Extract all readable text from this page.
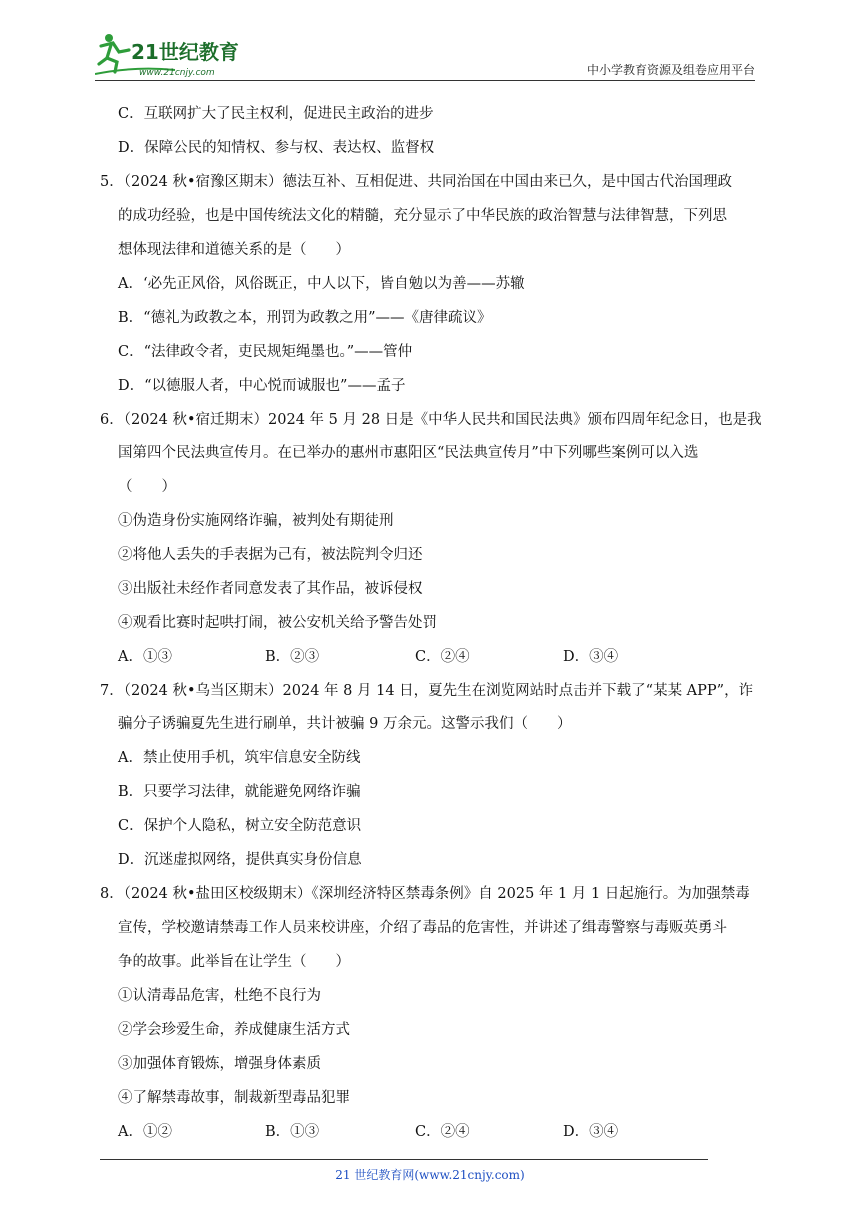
21世纪教育
www.21cnjy.com	中小学教育资源及组卷应用平台
C．互联网扩大了民主权利，促进民主政治的进步
D．保障公民的知情权、参与权、表达权、监督权
5．（2024 秋•宿豫区期末）德法互补、互相促进、共同治国在中国由来已久，是中国古代治国理政
的成功经验，也是中国传统法文化的精髓，充分显示了中华民族的政治智慧与法律智慧，下列思
想体现法律和道德关系的是（　　）
A．‘必先正风俗，风俗既正，中人以下，皆自勉以为善——苏辙
B．“德礼为政教之本，刑罚为政教之用”——《唐律疏议》
C．“法律政令者，吏民规矩绳墨也。”——管仲
D．“以德服人者，中心悦而诚服也”——孟子
6．（2024 秋•宿迁期末）2024 年 5 月 28 日是《中华人民共和国民法典》颁布四周年纪念日，也是我
国第四个民法典宣传月。在已举办的惠州市惠阳区“民法典宣传月”中下列哪些案例可以入选
（　　）
①伪造身份实施网络诈骗，被判处有期徒刑
②将他人丢失的手表据为己有，被法院判令归还
③出版社未经作者同意发表了其作品，被诉侵权
④观看比赛时起哄打闹，被公安机关给予警告处罚
A．①③	B．②③	C．②④	D．③④
7．（2024 秋•乌当区期末）2024 年 8 月 14 日，夏先生在浏览网站时点击并下载了“某某 APP”，诈
骗分子诱骗夏先生进行刷单，共计被骗 9 万余元。这警示我们（　　）
A．禁止使用手机，筑牢信息安全防线
B．只要学习法律，就能避免网络诈骗
C．保护个人隐私，树立安全防范意识
D．沉迷虚拟网络，提供真实身份信息
8．（2024 秋•盐田区校级期末）《深圳经济特区禁毒条例》自 2025 年 1 月 1 日起施行。为加强禁毒
宣传，学校邀请禁毒工作人员来校讲座，介绍了毒品的危害性，并讲述了缉毒警察与毒贩英勇斗
争的故事。此举旨在让学生（　　）
①认清毒品危害，杜绝不良行为
②学会珍爱生命，养成健康生活方式
③加强体育锻炼，增强身体素质
④了解禁毒故事，制裁新型毒品犯罪
A．①②	B．①③	C．②④	D．③④
21 世纪教育网(www.21cnjy.com)
